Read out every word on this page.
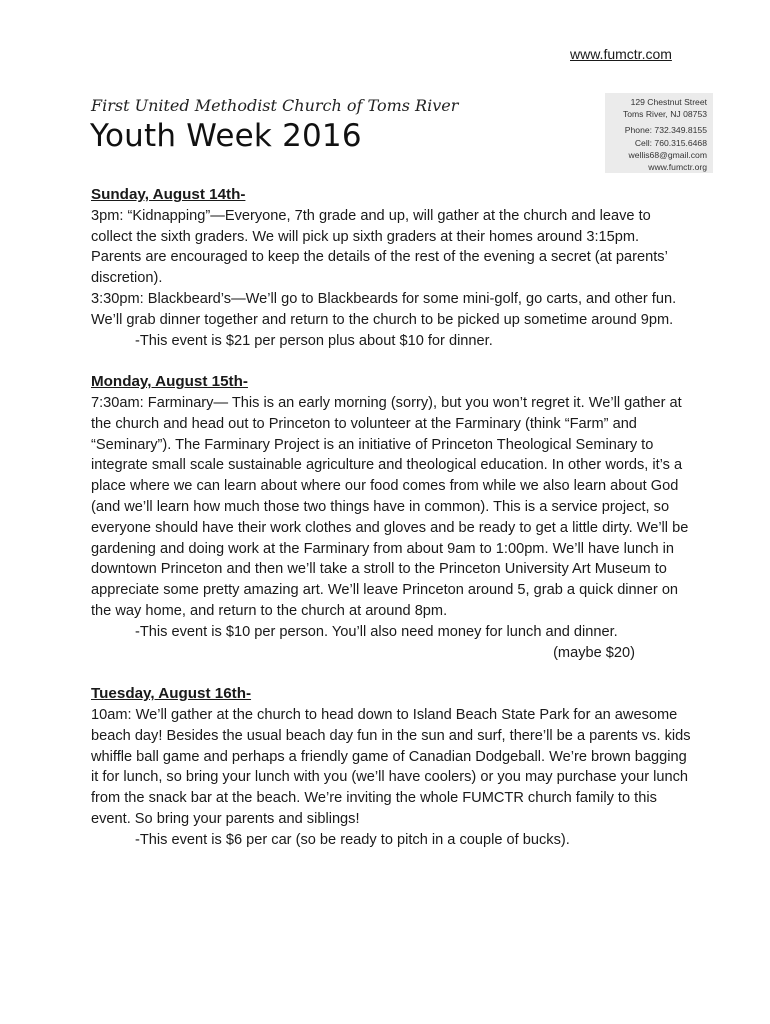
www.fumctr.com
First United Methodist Church of Toms River
Youth Week 2016
129 Chestnut Street
Toms River, NJ 08753
Phone: 732.349.8155
Cell: 760.315.6468
wellis68@gmail.com
www.fumctr.org
Sunday, August 14th-

3pm: “Kidnapping”—Everyone, 7th grade and up, will gather at the church and leave to collect the sixth graders. We will pick up sixth graders at their homes around 3:15pm. Parents are encouraged to keep the details of the rest of the evening a secret (at parents’ discretion).

3:30pm: Blackbeard’s—We’ll go to Blackbeards for some mini-golf, go carts, and other fun. We’ll grab dinner together and return to the church to be picked up sometime around 9pm.

-This event is $21 per person plus about $10 for dinner.

Monday, August 15th-

7:30am: Farminary— This is an early morning (sorry), but you won’t regret it. We’ll gather at the church and head out to Princeton to volunteer at the Farminary (think “Farm” and “Seminary”). The Farminary Project is an initiative of Princeton Theological Seminary to integrate small scale sustainable agriculture and theological education. In other words, it’s a place where we can learn about where our food comes from while we also learn about God (and we’ll learn how much those two things have in common). This is a service project, so everyone should have their work clothes and gloves and be ready to get a little dirty. We’ll be gardening and doing work at the Farminary from about 9am to 1:00pm. We’ll have lunch in downtown Princeton and then we’ll take a stroll to the Princeton University Art Museum to appreciate some pretty amazing art. We’ll leave Princeton around 5, grab a quick dinner on the way home, and return to the church at around 8pm.

-This event is $10 per person. You’ll also need money for lunch and dinner.

(maybe $20)

Tuesday, August 16th-

10am: We’ll gather at the church to head down to Island Beach State Park for an awesome beach day! Besides the usual beach day fun in the sun and surf, there’ll be a parents vs. kids whiffle ball game and perhaps a friendly game of Canadian Dodgeball. We’re brown bagging it for lunch, so bring your lunch with you (we’ll have coolers) or you may purchase your lunch from the snack bar at the beach. We’re inviting the whole FUMCTR church family to this event. So bring your parents and siblings!

-This event is $6 per car (so be ready to pitch in a couple of bucks).
